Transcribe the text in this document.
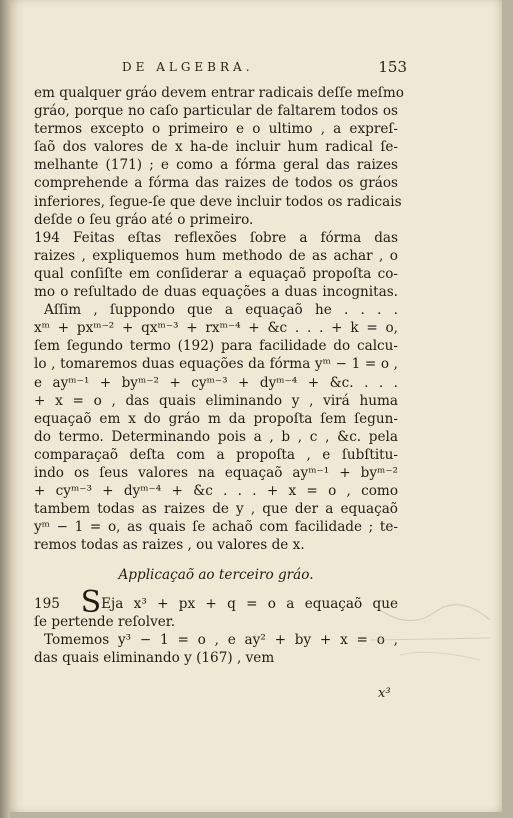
DE ALGEBRA.	153
em qualquer gráo devem entrar radicais deſſe meſmo
gráo, porque no caſo particular de faltarem todos os
termos excepto o primeiro e o ultimo , a expreſ-
ſaõ dos valores de x ha-de incluir hum radical ſe-
melhante (171) ; e como a fórma geral das raizes
comprehende a fórma das raizes de todos os gráos
inferiores, ſegue-ſe que deve incluir todos os radicais
deſde o ſeu gráo até o primeiro.
194 Feitas eſtas reflexões ſobre a fórma das
raizes , expliquemos hum methodo de as achar , o
qual conſiſte em conſiderar a equaçaõ propoſta co-
mo o reſultado de duas equações a duas incognitas.
Aſſim , ſuppondo que a equaçaõ he . . . .
xᵐ + pxᵐ⁻² + qxᵐ⁻³ + rxᵐ⁻⁴ + &c . . . + k = o,
ſem ſegundo termo (192) para facilidade do calcu-
lo , tomaremos duas equações da fórma yᵐ − 1 = o ,
e ayᵐ⁻¹ + byᵐ⁻² + cyᵐ⁻³ + dyᵐ⁻⁴ + &c. . . .
+ x = o , das quais eliminando y , virá huma
equaçaõ em x do gráo m da propoſta ſem ſegun-
do termo. Determinando pois a , b , c , &c. pela
comparaçaõ deſta com a propoſta , e ſubſtitu-
indo os ſeus valores na equaçaõ ayᵐ⁻¹ + byᵐ⁻²
+ cyᵐ⁻³ + dyᵐ⁻⁴ + &c . . . + x = o , como
tambem todas as raizes de y , que der a equaçaõ
yᵐ − 1 = o, as quais ſe achaõ com facilidade ; te-
remos todas as raizes , ou valores de x.
Applicaçaõ ao terceiro gráo.
195 SEja x³ + px + q = o a equaçaõ que
ſe pertende reſolver.
Tomemos y³ − 1 = o , e ay² + by + x = o ,
das quais eliminando y (167) , vem
x³
